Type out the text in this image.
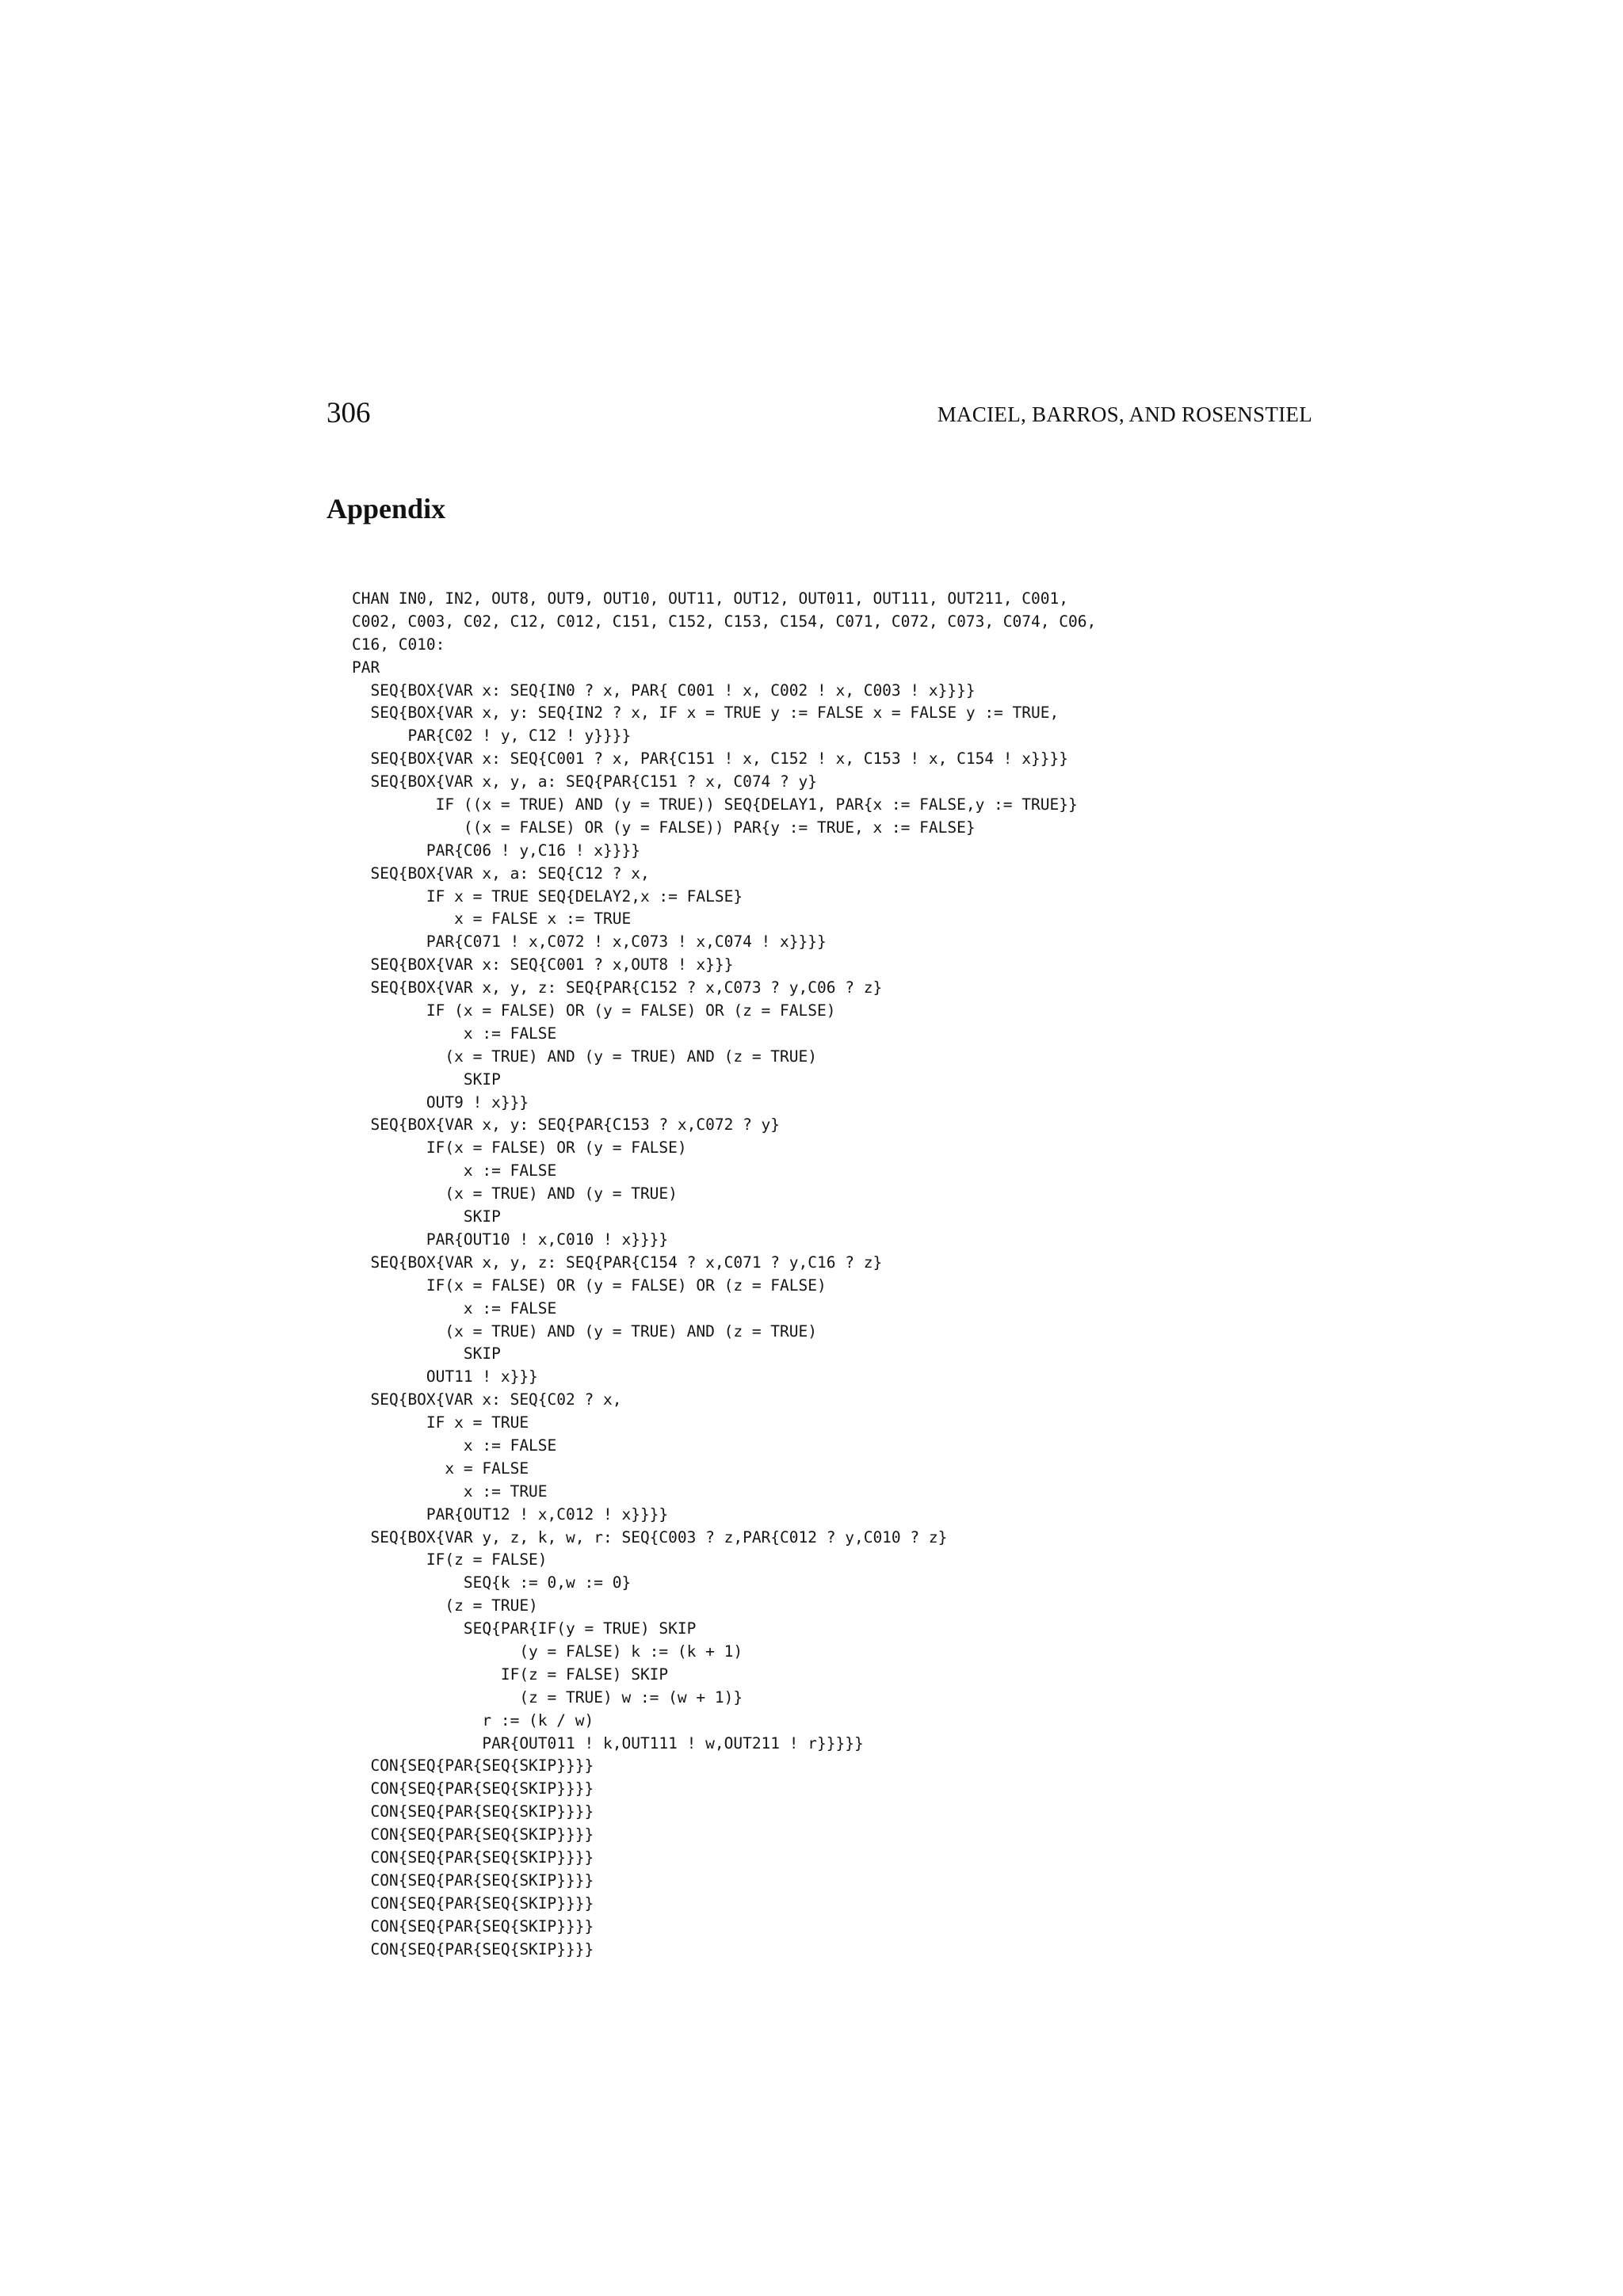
306	MACIEL, BARROS, AND ROSENSTIEL
Appendix
CHAN IN0, IN2, OUT8, OUT9, OUT10, OUT11, OUT12, OUT011, OUT111, OUT211, C001,
C002, C003, C02, C12, C012, C151, C152, C153, C154, C071, C072, C073, C074, C06,
C16, C010:
PAR
SEQ{BOX{VAR x: SEQ{IN0 ? x, PAR{ C001 ! x, C002 ! x, C003 ! x}}}}
SEQ{BOX{VAR x, y: SEQ{IN2 ? x, IF x = TRUE y := FALSE x = FALSE y := TRUE,
PAR{C02 ! y, C12 ! y}}}}
SEQ{BOX{VAR x: SEQ{C001 ? x, PAR{C151 ! x, C152 ! x, C153 ! x, C154 ! x}}}}
SEQ{BOX{VAR x, y, a: SEQ{PAR{C151 ? x, C074 ? y}
IF ((x = TRUE) AND (y = TRUE)) SEQ{DELAY1, PAR{x := FALSE,y := TRUE}}
((x = FALSE) OR (y = FALSE)) PAR{y := TRUE, x := FALSE}
PAR{C06 ! y,C16 ! x}}}}
SEQ{BOX{VAR x, a: SEQ{C12 ? x,
IF x = TRUE SEQ{DELAY2,x := FALSE}
x = FALSE x := TRUE
PAR{C071 ! x,C072 ! x,C073 ! x,C074 ! x}}}}
SEQ{BOX{VAR x: SEQ{C001 ? x,OUT8 ! x}}}
SEQ{BOX{VAR x, y, z: SEQ{PAR{C152 ? x,C073 ? y,C06 ? z}
IF (x = FALSE) OR (y = FALSE) OR (z = FALSE)
x := FALSE
(x = TRUE) AND (y = TRUE) AND (z = TRUE)
SKIP
OUT9 ! x}}}
SEQ{BOX{VAR x, y: SEQ{PAR{C153 ? x,C072 ? y}
IF(x = FALSE) OR (y = FALSE)
x := FALSE
(x = TRUE) AND (y = TRUE)
SKIP
PAR{OUT10 ! x,C010 ! x}}}}
SEQ{BOX{VAR x, y, z: SEQ{PAR{C154 ? x,C071 ? y,C16 ? z}
IF(x = FALSE) OR (y = FALSE) OR (z = FALSE)
x := FALSE
(x = TRUE) AND (y = TRUE) AND (z = TRUE)
SKIP
OUT11 ! x}}}
SEQ{BOX{VAR x: SEQ{C02 ? x,
IF x = TRUE
x := FALSE
x = FALSE
x := TRUE
PAR{OUT12 ! x,C012 ! x}}}}
SEQ{BOX{VAR y, z, k, w, r: SEQ{C003 ? z,PAR{C012 ? y,C010 ? z}
IF(z = FALSE)
SEQ{k := 0,w := 0}
(z = TRUE)
SEQ{PAR{IF(y = TRUE) SKIP
(y = FALSE) k := (k + 1)
IF(z = FALSE) SKIP
(z = TRUE) w := (w + 1)}
r := (k / w)
PAR{OUT011 ! k,OUT111 ! w,OUT211 ! r}}}}}
CON{SEQ{PAR{SEQ{SKIP}}}}
CON{SEQ{PAR{SEQ{SKIP}}}}
CON{SEQ{PAR{SEQ{SKIP}}}}
CON{SEQ{PAR{SEQ{SKIP}}}}
CON{SEQ{PAR{SEQ{SKIP}}}}
CON{SEQ{PAR{SEQ{SKIP}}}}
CON{SEQ{PAR{SEQ{SKIP}}}}
CON{SEQ{PAR{SEQ{SKIP}}}}
CON{SEQ{PAR{SEQ{SKIP}}}}
